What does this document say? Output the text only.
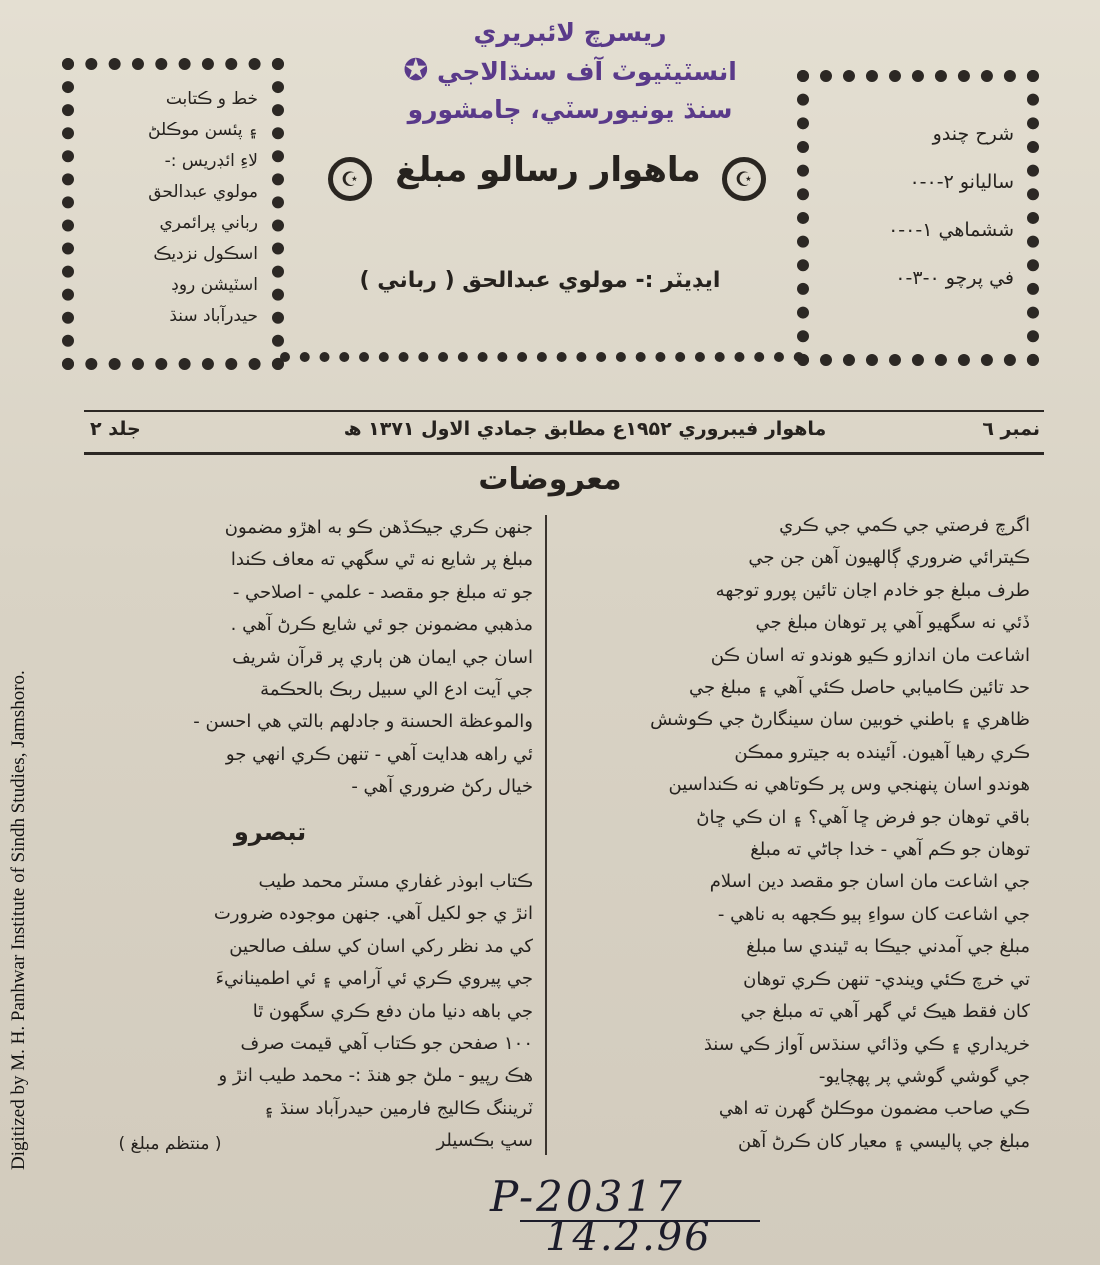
Digitized by M. H. Panhwar Institute of Sindh Studies, Jamshoro.
ريسرچ لائبريري
انسٽيٽيوٽ آف سنڌالاجي ✪
سنڌ يونيورسٽي، ڄامشورو
خط و ڪتابت
۽ پئسن موڪلڻ
لاءِ ائڊريس :-
مولوي عبدالحق
رباني پرائمري
اسڪول نزديڪ
اسٽيشن روڊ
حيدرآباد سنڌ
شرح چندو
ساليانو ۲-۰-۰
ششماهي ۱-۰-۰
في پرچو ۰-۳-۰
☪	ماهوار رسالو مبلغ	☪
ايڊيٽر :- مولوي عبدالحق ( رباني )
نمبر ٦
ماهوار فيبروري ۱۹۵۲ع مطابق جمادي الاول ۱۳۷۱ ھ
جلد ۲
معروضات
اگرچ فرصتي جي ڪمي جي ڪري
ڪيترائي ضروري ڳالهيون آهن جن جي
طرف مبلغ جو خادم اڃان تائين پورو توجهه
ڏئي نه سگهيو آهي پر توهان مبلغ جي
اشاعت مان اندازو ڪيو هوندو ته اسان ڪن
حد تائين ڪاميابي حاصل ڪئي آهي ۽ مبلغ جي
ظاهري ۽ باطني خوبين سان سينگارڻ جي ڪوشش
ڪري رهيا آهيون. آئينده به جيترو ممڪن
هوندو اسان پنهنجي وس پر ڪوتاهي نه ڪنداسين
باقي توهان جو فرض ڇا آهي؟ ۽ ان ڪي ڇاڻ
توهان جو ڪم آهي - خدا ڄاڻي ته مبلغ
جي اشاعت مان اسان جو مقصد دين اسلام
جي اشاعت کان سواءِ ٻيو ڪجهه به ناهي -
مبلغ جي آمدني جيڪا به ٿيندي سا مبلغ
تي خرچ ڪئي ويندي- تنهن ڪري توهان
کان فقط هيڪ ئي گهر آهي ته مبلغ جي
خريداري ۽ ڪي وڌائي سنڌس آواز ڪي سنڌ
جي گوشي گوشي پر پهچايو-
ڪي صاحب مضمون موڪلڻ گهرن ته اهي
مبلغ جي پاليسي ۽ معيار کان ڪرڻ آهن
جنهن ڪري جيڪڏهن ڪو به اهڙو مضمون
مبلغ پر شايع نه ٿي سگهي ته معاف ڪندا
جو ته مبلغ جو مقصد - علمي - اصلاحي -
مذهبي مضمونن جو ئي شايع ڪرڻ آهي .
اسان جي ايمان هن ٻاري پر قرآن شريف
جي آيت ادع الي سبيل ربڪ بالحڪمة
والموعظة الحسنة و جادلهم بالتي هي احسن -
ئي راهه هدايت آهي - تنهن ڪري انهي جو
خيال رکڻ ضروري آهي -
تبصرو
ڪتاب ابوذر غفاري مسٽر محمد طيب
انڙ ي جو لکيل آهي. جنهن موجوده ضرورت
کي مد نظر رکي اسان کي سلف صالحين
جي پيروي ڪري ئي آرامي ۽ ئي اطمينانيءَ
جي باهه دنيا مان دفع ڪري سگهون ٿا
۱۰۰ صفحن جو ڪتاب آهي قيمت صرف
هڪ رپيو - ملڻ جو هنڌ :- محمد طيب انڙ و
ٽريننگ ڪاليج فارمين حيدرآباد سنڌ ۽
سڀ بڪسيلر
( منتظم مبلغ )
P-20317
14.2.96
